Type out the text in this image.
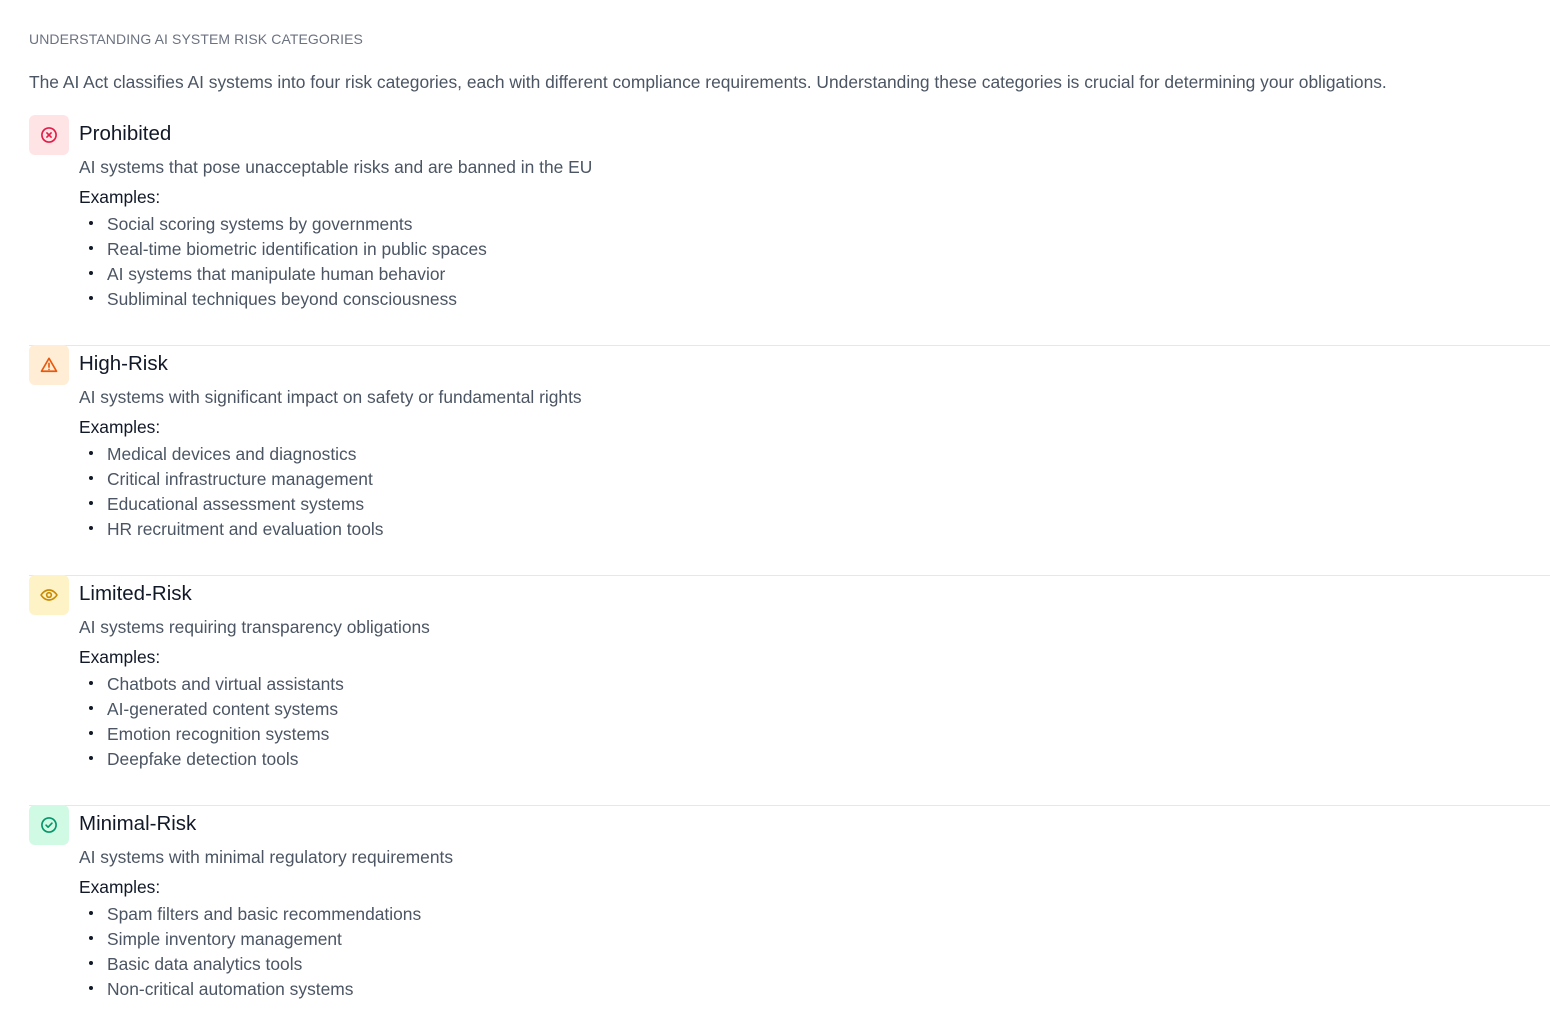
UNDERSTANDING AI SYSTEM RISK CATEGORIES
The AI Act classifies AI systems into four risk categories, each with different compliance requirements. Understanding these categories is crucial for determining your obligations.
Prohibited
AI systems that pose unacceptable risks and are banned in the EU
Examples:
Social scoring systems by governments
Real-time biometric identification in public spaces
AI systems that manipulate human behavior
Subliminal techniques beyond consciousness
High-Risk
AI systems with significant impact on safety or fundamental rights
Examples:
Medical devices and diagnostics
Critical infrastructure management
Educational assessment systems
HR recruitment and evaluation tools
Limited-Risk
AI systems requiring transparency obligations
Examples:
Chatbots and virtual assistants
AI-generated content systems
Emotion recognition systems
Deepfake detection tools
Minimal-Risk
AI systems with minimal regulatory requirements
Examples:
Spam filters and basic recommendations
Simple inventory management
Basic data analytics tools
Non-critical automation systems
